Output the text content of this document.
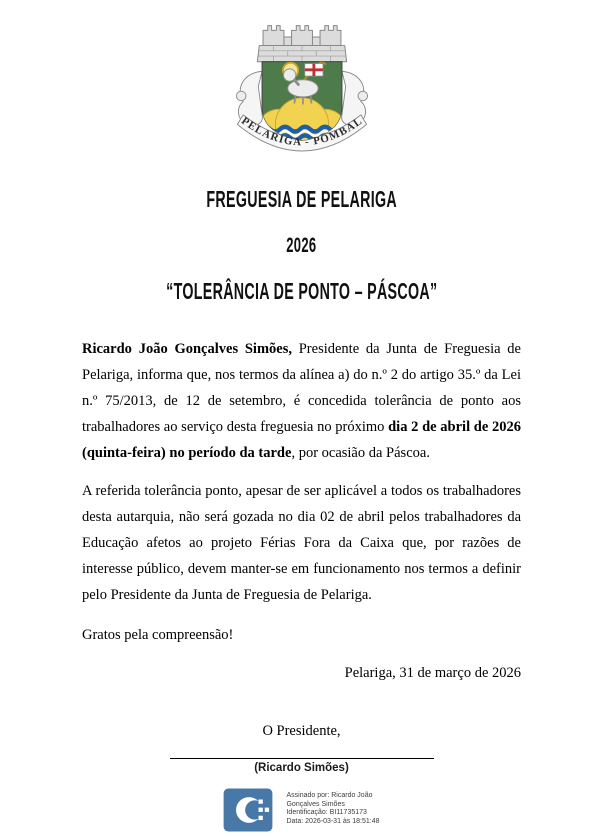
PELARIGA - POMBAL
FREGUESIA DE PELARIGA
2026
“TOLERÂNCIA DE PONTO – PÁSCOA”

Ricardo João Gonçalves Simões, Presidente da Junta de Freguesia de Pelariga, informa que, nos termos da alínea a) do n.º 2 do artigo 35.º da Lei n.º 75/2013, de 12 de setembro, é concedida tolerância de ponto aos trabalhadores ao serviço desta freguesia no próximo dia 2 de abril de 2026 (quinta-feira) no período da tarde, por ocasião da Páscoa.

A referida tolerância ponto, apesar de ser aplicável a todos os trabalhadores desta autarquia, não será gozada no dia 02 de abril pelos trabalhadores da Educação afetos ao projeto Férias Fora da Caixa que, por razões de interesse público, devem manter-se em funcionamento nos termos a definir pelo Presidente da Junta de Freguesia de Pelariga.

Gratos pela compreensão!

Pelariga, 31 de março de 2026
O Presidente,
(Ricardo Simões)
Assinado por: Ricardo João
Gonçalves Simões
Identificação: BI11735173
Data: 2026-03-31 às 18:51:48
